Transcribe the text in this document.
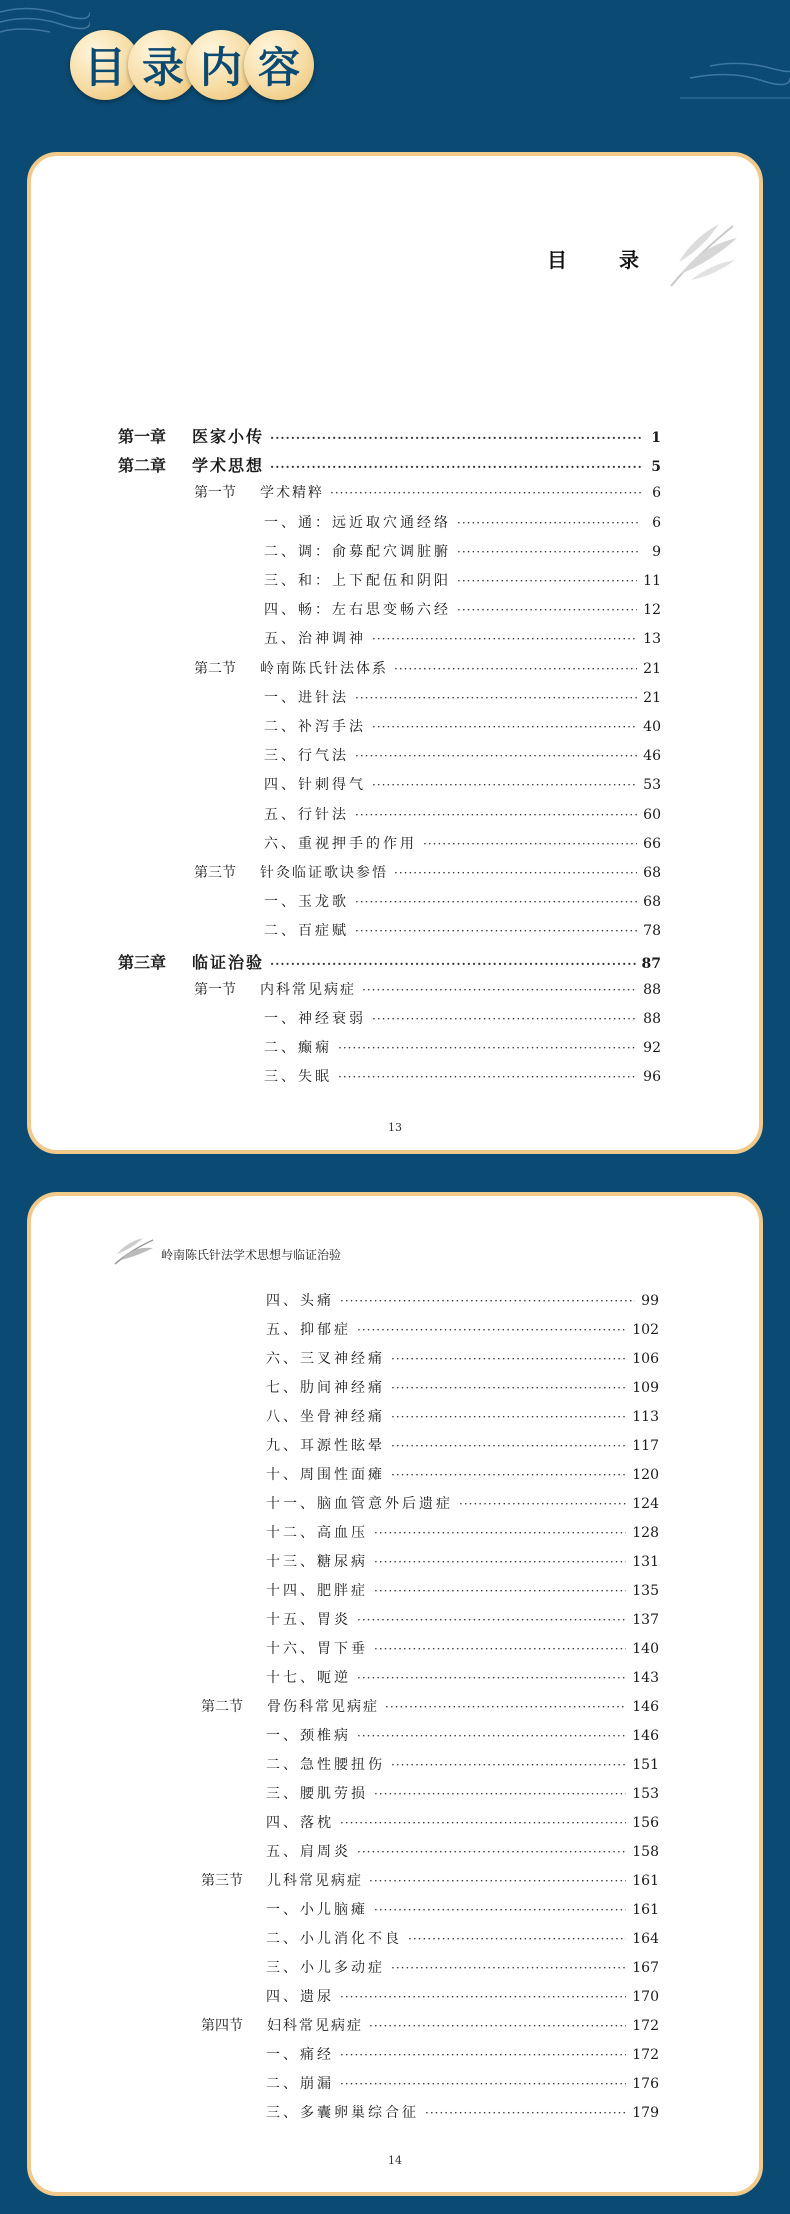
目 录 内 容
目　录
第一章	医家小传 ·····	1
第二章	学术思想 ·····	5
第一节	学术精粹 ·····	6
一、通：远近取穴通经络 ·····	6
二、调：俞募配穴调脏腑 ·····	9
三、和：上下配伍和阴阳 ·····	11
四、畅：左右思变畅六经 ·····	12
五、治神调神 ·····	13
第二节	岭南陈氏针法体系 ·····	21
一、进针法 ·····	21
二、补泻手法 ·····	40
三、行气法 ·····	46
四、针刺得气 ·····	53
五、行针法 ·····	60
六、重视押手的作用 ·····	66
第三节	针灸临证歌诀参悟 ·····	68
一、玉龙歌 ·····	68
二、百症赋 ·····	78
第三章	临证治验 ·····	87
第一节	内科常见病症 ·····	88
一、神经衰弱 ·····	88
二、癫痫 ·····	92
三、失眠 ·····	96
13
岭南陈氏针法学术思想与临证治验
四、头痛 ·····	99
五、抑郁症 ·····	102
六、三叉神经痛 ·····	106
七、肋间神经痛 ·····	109
八、坐骨神经痛 ·····	113
九、耳源性眩晕 ·····	117
十、周围性面瘫 ·····	120
十一、脑血管意外后遗症 ·····	124
十二、高血压 ·····	128
十三、糖尿病 ·····	131
十四、肥胖症 ·····	135
十五、胃炎 ·····	137
十六、胃下垂 ·····	140
十七、呃逆 ·····	143
第二节	骨伤科常见病症 ·····	146
一、颈椎病 ·····	146
二、急性腰扭伤 ·····	151
三、腰肌劳损 ·····	153
四、落枕 ·····	156
五、肩周炎 ·····	158
第三节	儿科常见病症 ·····	161
一、小儿脑瘫 ·····	161
二、小儿消化不良 ·····	164
三、小儿多动症 ·····	167
四、遗尿 ·····	170
第四节	妇科常见病症 ·····	172
一、痛经 ·····	172
二、崩漏 ·····	176
三、多囊卵巢综合征 ·····	179
14
